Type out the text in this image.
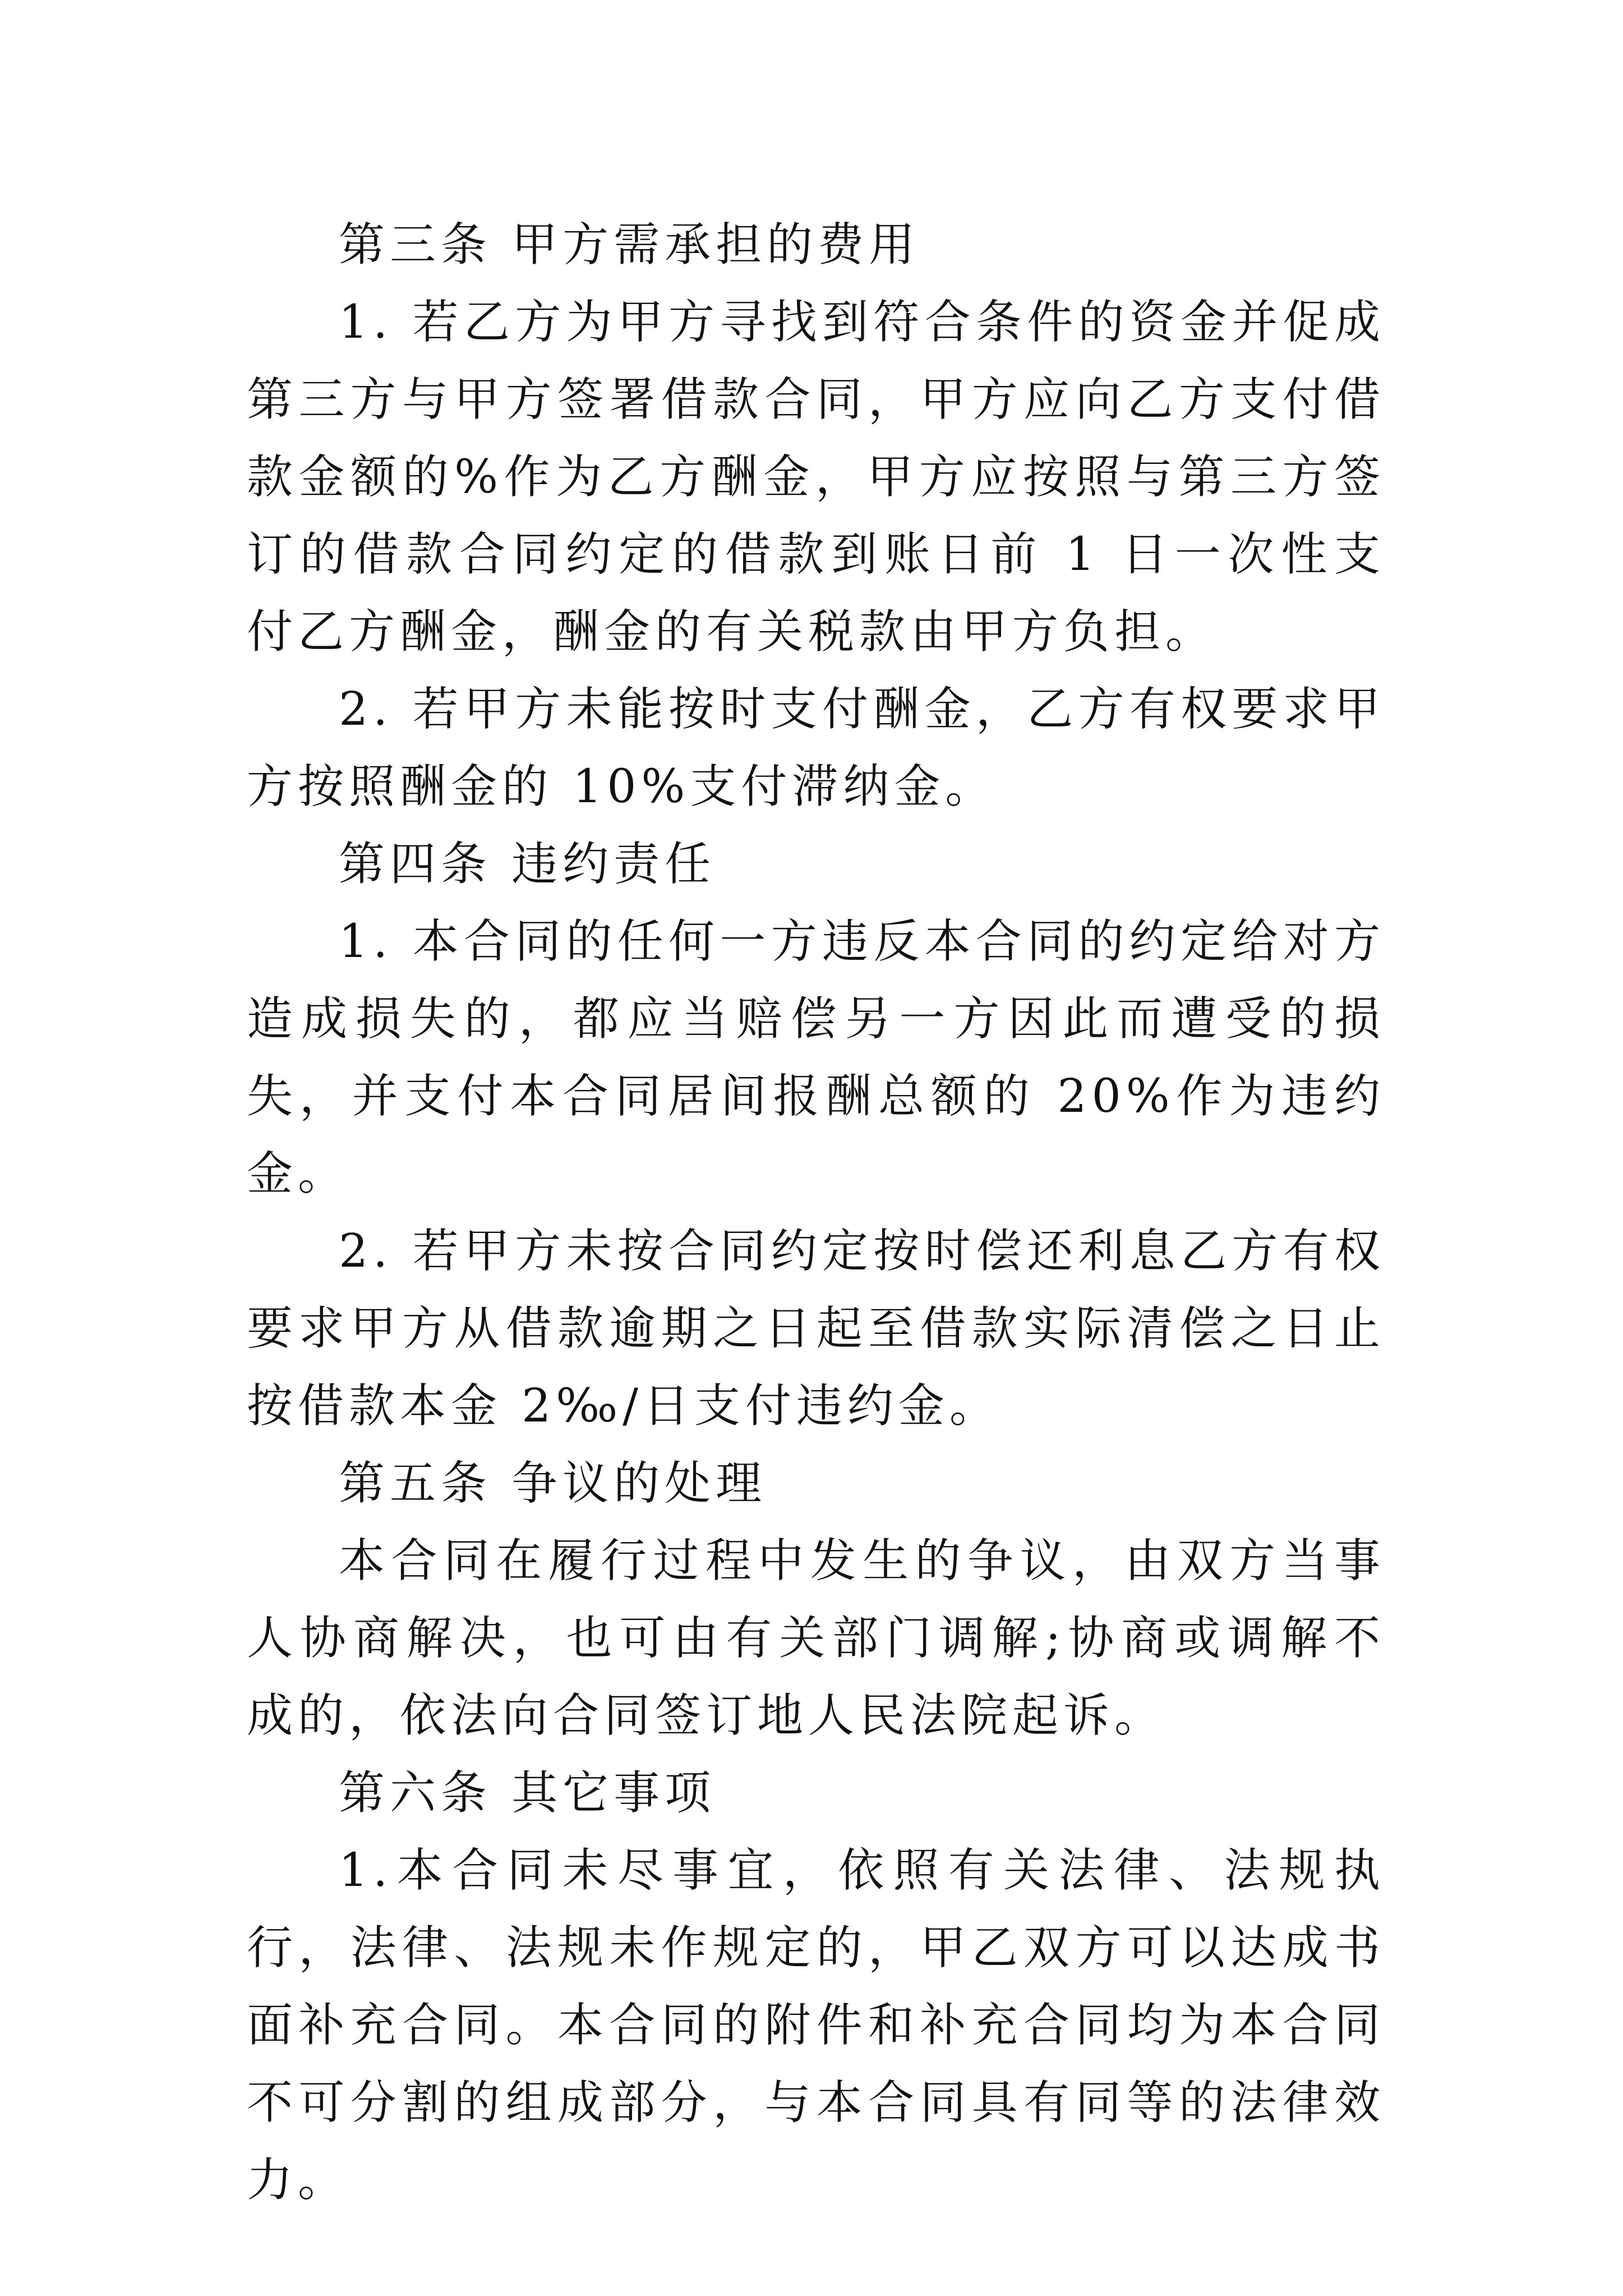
第三条 甲方需承担的费用

1. 若乙方为甲方寻找到符合条件的资金并促成第三方与甲方签署借款合同，甲方应向乙方支付借款金额的%作为乙方酬金，甲方应按照与第三方签订的借款合同约定的借款到账日前 1 日一次性支付乙方酬金，酬金的有关税款由甲方负担。

2. 若甲方未能按时支付酬金，乙方有权要求甲方按照酬金的 10%支付滞纳金。

第四条 违约责任

1. 本合同的任何一方违反本合同的约定给对方造成损失的，都应当赔偿另一方因此而遭受的损失，并支付本合同居间报酬总额的 20%作为违约金。

2. 若甲方未按合同约定按时偿还利息乙方有权要求甲方从借款逾期之日起至借款实际清偿之日止按借款本金 2‰/日支付违约金。

第五条 争议的处理

本合同在履行过程中发生的争议，由双方当事人协商解决，也可由有关部门调解;协商或调解不成的，依法向合同签订地人民法院起诉。

第六条 其它事项

1.本合同未尽事宜，依照有关法律、法规执行，法律、法规未作规定的，甲乙双方可以达成书面补充合同。本合同的附件和补充合同均为本合同不可分割的组成部分，与本合同具有同等的法律效力。
